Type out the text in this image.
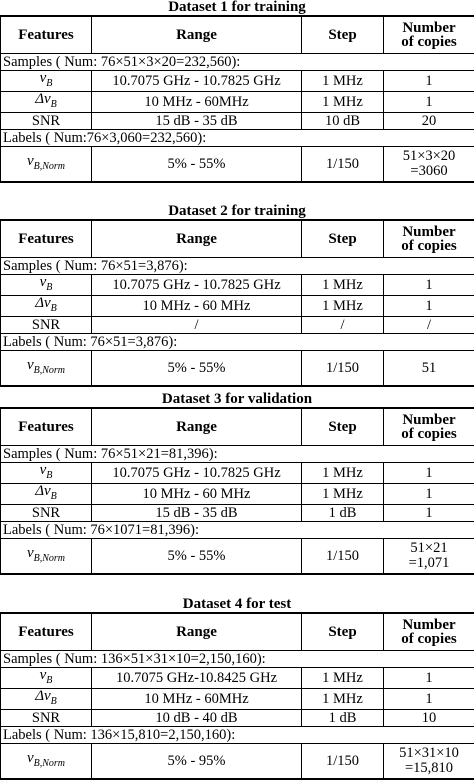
Dataset 1 for training
Features	Range	Step	Number
of copies
Samples ( Num: 76×51×3×20=232,560):			
$v_B$	10.7075 GHz - 10.7825 GHz	1 MHz	1
$\Delta v_B$	10 MHz - 60MHz	1 MHz	1
SNR	15 dB - 35 dB	10 dB	20
Labels ( Num:76×3,060=232,560):			
$v_{B,Norm}$	5% - 55%	1/150	51×3×20
=3060
Dataset 2 for training
Features	Range	Step	Number
of copies
Samples ( Num: 76×51=3,876):			
$v_B$	10.7075 GHz - 10.7825 GHz	1 MHz	1
$\Delta v_B$	10 MHz - 60 MHz	1 MHz	1
SNR	/	/	/
Labels ( Num: 76×51=3,876):			
$v_{B,Norm}$	5% - 55%	1/150	51

Dataset 3 for validation
Features	Range	Step	Number
of copies
Samples ( Num: 76×51×21=81,396):			
$v_B$	10.7075 GHz - 10.7825 GHz	1 MHz	1
$\Delta v_B$	10 MHz - 60 MHz	1 MHz	1
SNR	15 dB - 35 dB	1 dB	1
Labels ( Num: 76×1071=81,396):			
$v_{B,Norm}$	5% - 55%	1/150	51×21
=1,071
Dataset 4 for test
Features	Range	Step	Number
of copies
Samples ( Num: 136×51×31×10=2,150,160):			
$v_B$	10.7075 GHz-10.8425 GHz	1 MHz	1
$\Delta v_B$	10 MHz - 60MHz	1 MHz	1
SNR	10 dB - 40 dB	1 dB	10
Labels ( Num: 136×15,810=2,150,160):			
$v_{B,Norm}$	5% - 95%	1/150	51×31×10
=15,810
